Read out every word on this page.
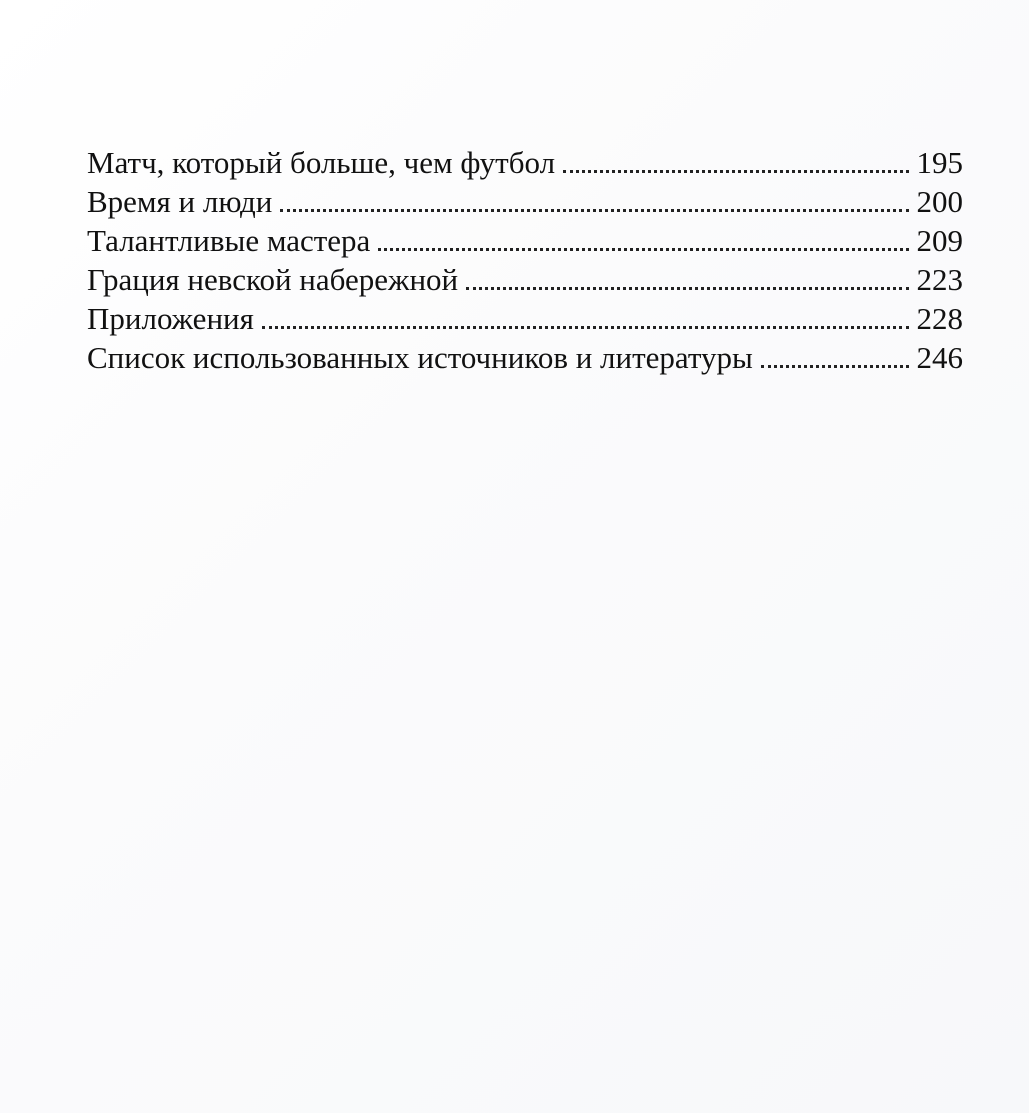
Матч, который больше, чем футбол	195
Время и люди	200
Талантливые мастера	209
Грация невской набережной	223
Приложения	228
Список использованных источников и литературы	246
